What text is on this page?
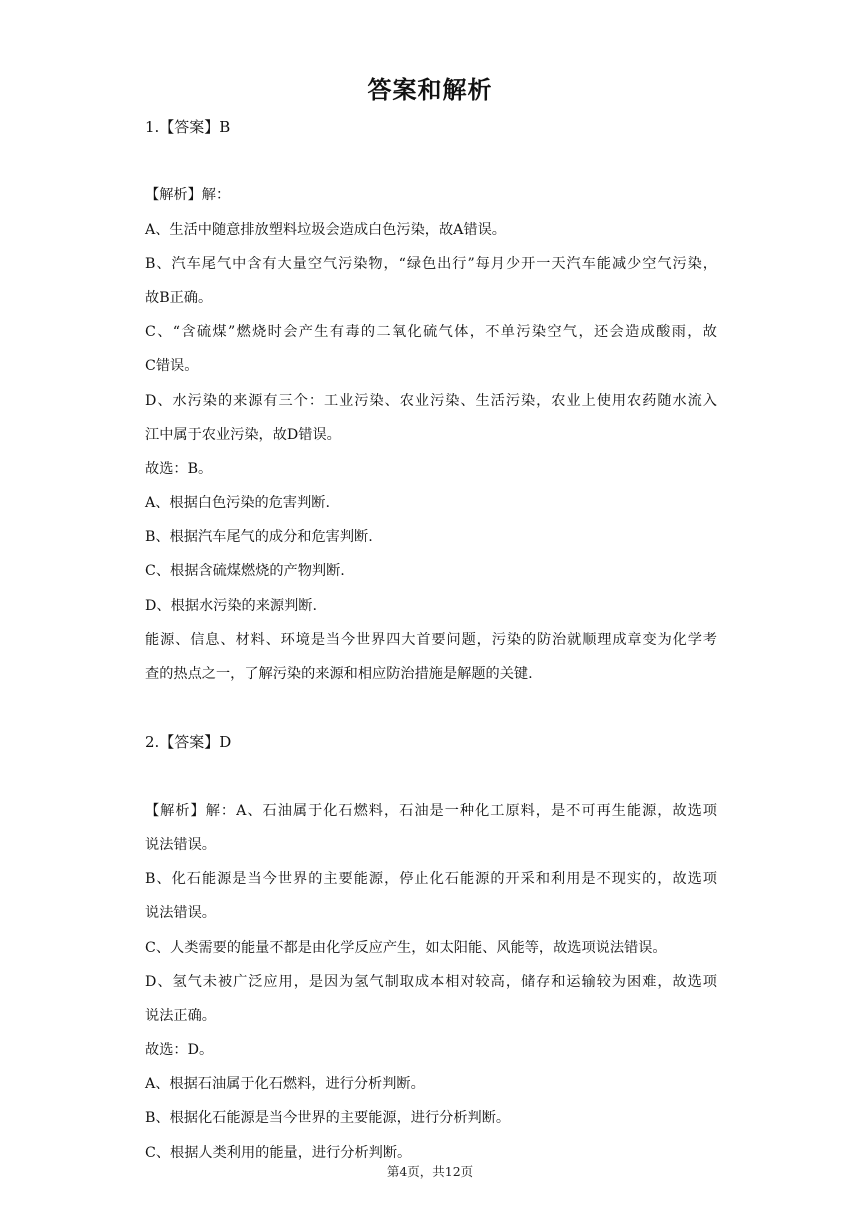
答案和解析
1.【答案】B
【解析】解：
A、生活中随意排放塑料垃圾会造成白色污染，故A错误。
B、汽车尾气中含有大量空气污染物，“绿色出行”每月少开一天汽车能减少空气污染，
故B正确。
C、“含硫煤”燃烧时会产生有毒的二氧化硫气体，不单污染空气，还会造成酸雨，故
C错误。
D、水污染的来源有三个：工业污染、农业污染、生活污染，农业上使用农药随水流入
江中属于农业污染，故D错误。
故选：B。
A、根据白色污染的危害判断.
B、根据汽车尾气的成分和危害判断.
C、根据含硫煤燃烧的产物判断.
D、根据水污染的来源判断.
能源、信息、材料、环境是当今世界四大首要问题，污染的防治就顺理成章变为化学考
查的热点之一，了解污染的来源和相应防治措施是解题的关键.
2.【答案】D
【解析】解：A、石油属于化石燃料，石油是一种化工原料，是不可再生能源，故选项
说法错误。
B、化石能源是当今世界的主要能源，停止化石能源的开采和利用是不现实的，故选项
说法错误。
C、人类需要的能量不都是由化学反应产生，如太阳能、风能等，故选项说法错误。
D、氢气未被广泛应用，是因为氢气制取成本相对较高，储存和运输较为困难，故选项
说法正确。
故选：D。
A、根据石油属于化石燃料，进行分析判断。
B、根据化石能源是当今世界的主要能源，进行分析判断。
C、根据人类利用的能量，进行分析判断。
第4页，共12页
